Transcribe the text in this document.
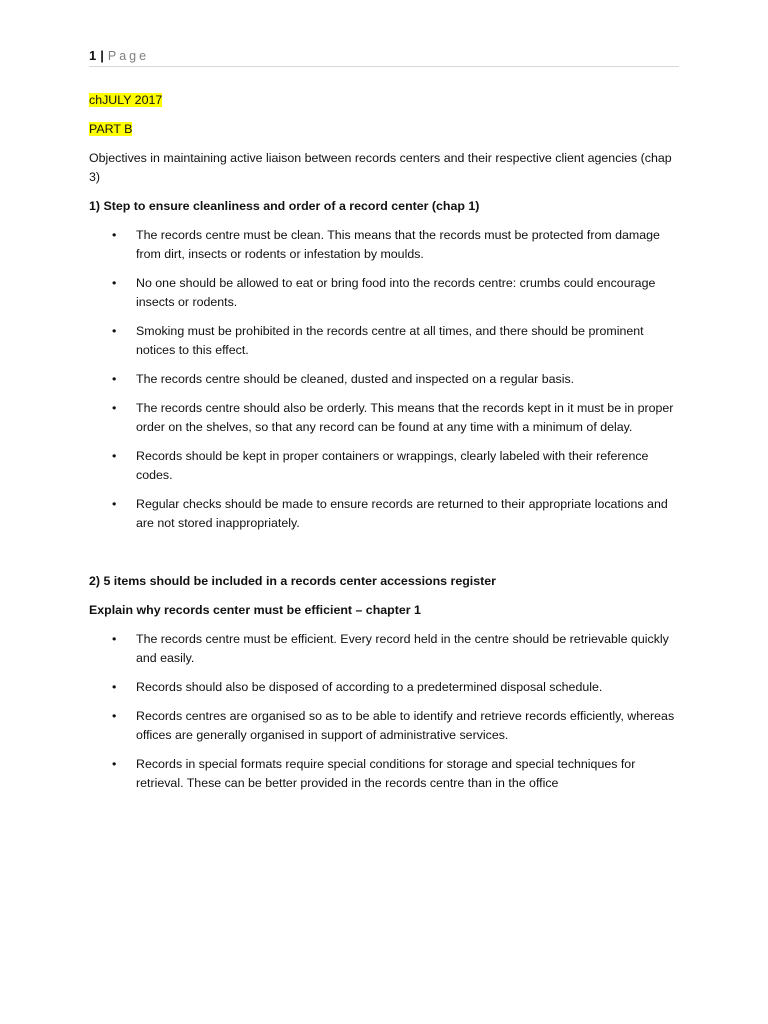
1 | Page

chJULY 2017

PART B

Objectives in maintaining active liaison between records centers and their respective client agencies (chap 3)

1) Step to ensure cleanliness and order of a record center (chap 1)

• The records centre must be clean. This means that the records must be protected from damage from dirt, insects or rodents or infestation by moulds.
• No one should be allowed to eat or bring food into the records centre: crumbs could encourage insects or rodents.
• Smoking must be prohibited in the records centre at all times, and there should be prominent notices to this effect.
• The records centre should be cleaned, dusted and inspected on a regular basis.
• The records centre should also be orderly. This means that the records kept in it must be in proper order on the shelves, so that any record can be found at any time with a minimum of delay.
• Records should be kept in proper containers or wrappings, clearly labeled with their reference codes.
• Regular checks should be made to ensure records are returned to their appropriate locations and are not stored inappropriately.

2) 5 items should be included in a records center accessions register

Explain why records center must be efficient – chapter 1

• The records centre must be efficient. Every record held in the centre should be retrievable quickly and easily.
• Records should also be disposed of according to a predetermined disposal schedule.
• Records centres are organised so as to be able to identify and retrieve records efficiently, whereas offices are generally organised in support of administrative services.
• Records in special formats require special conditions for storage and special techniques for retrieval. These can be better provided in the records centre than in the office
